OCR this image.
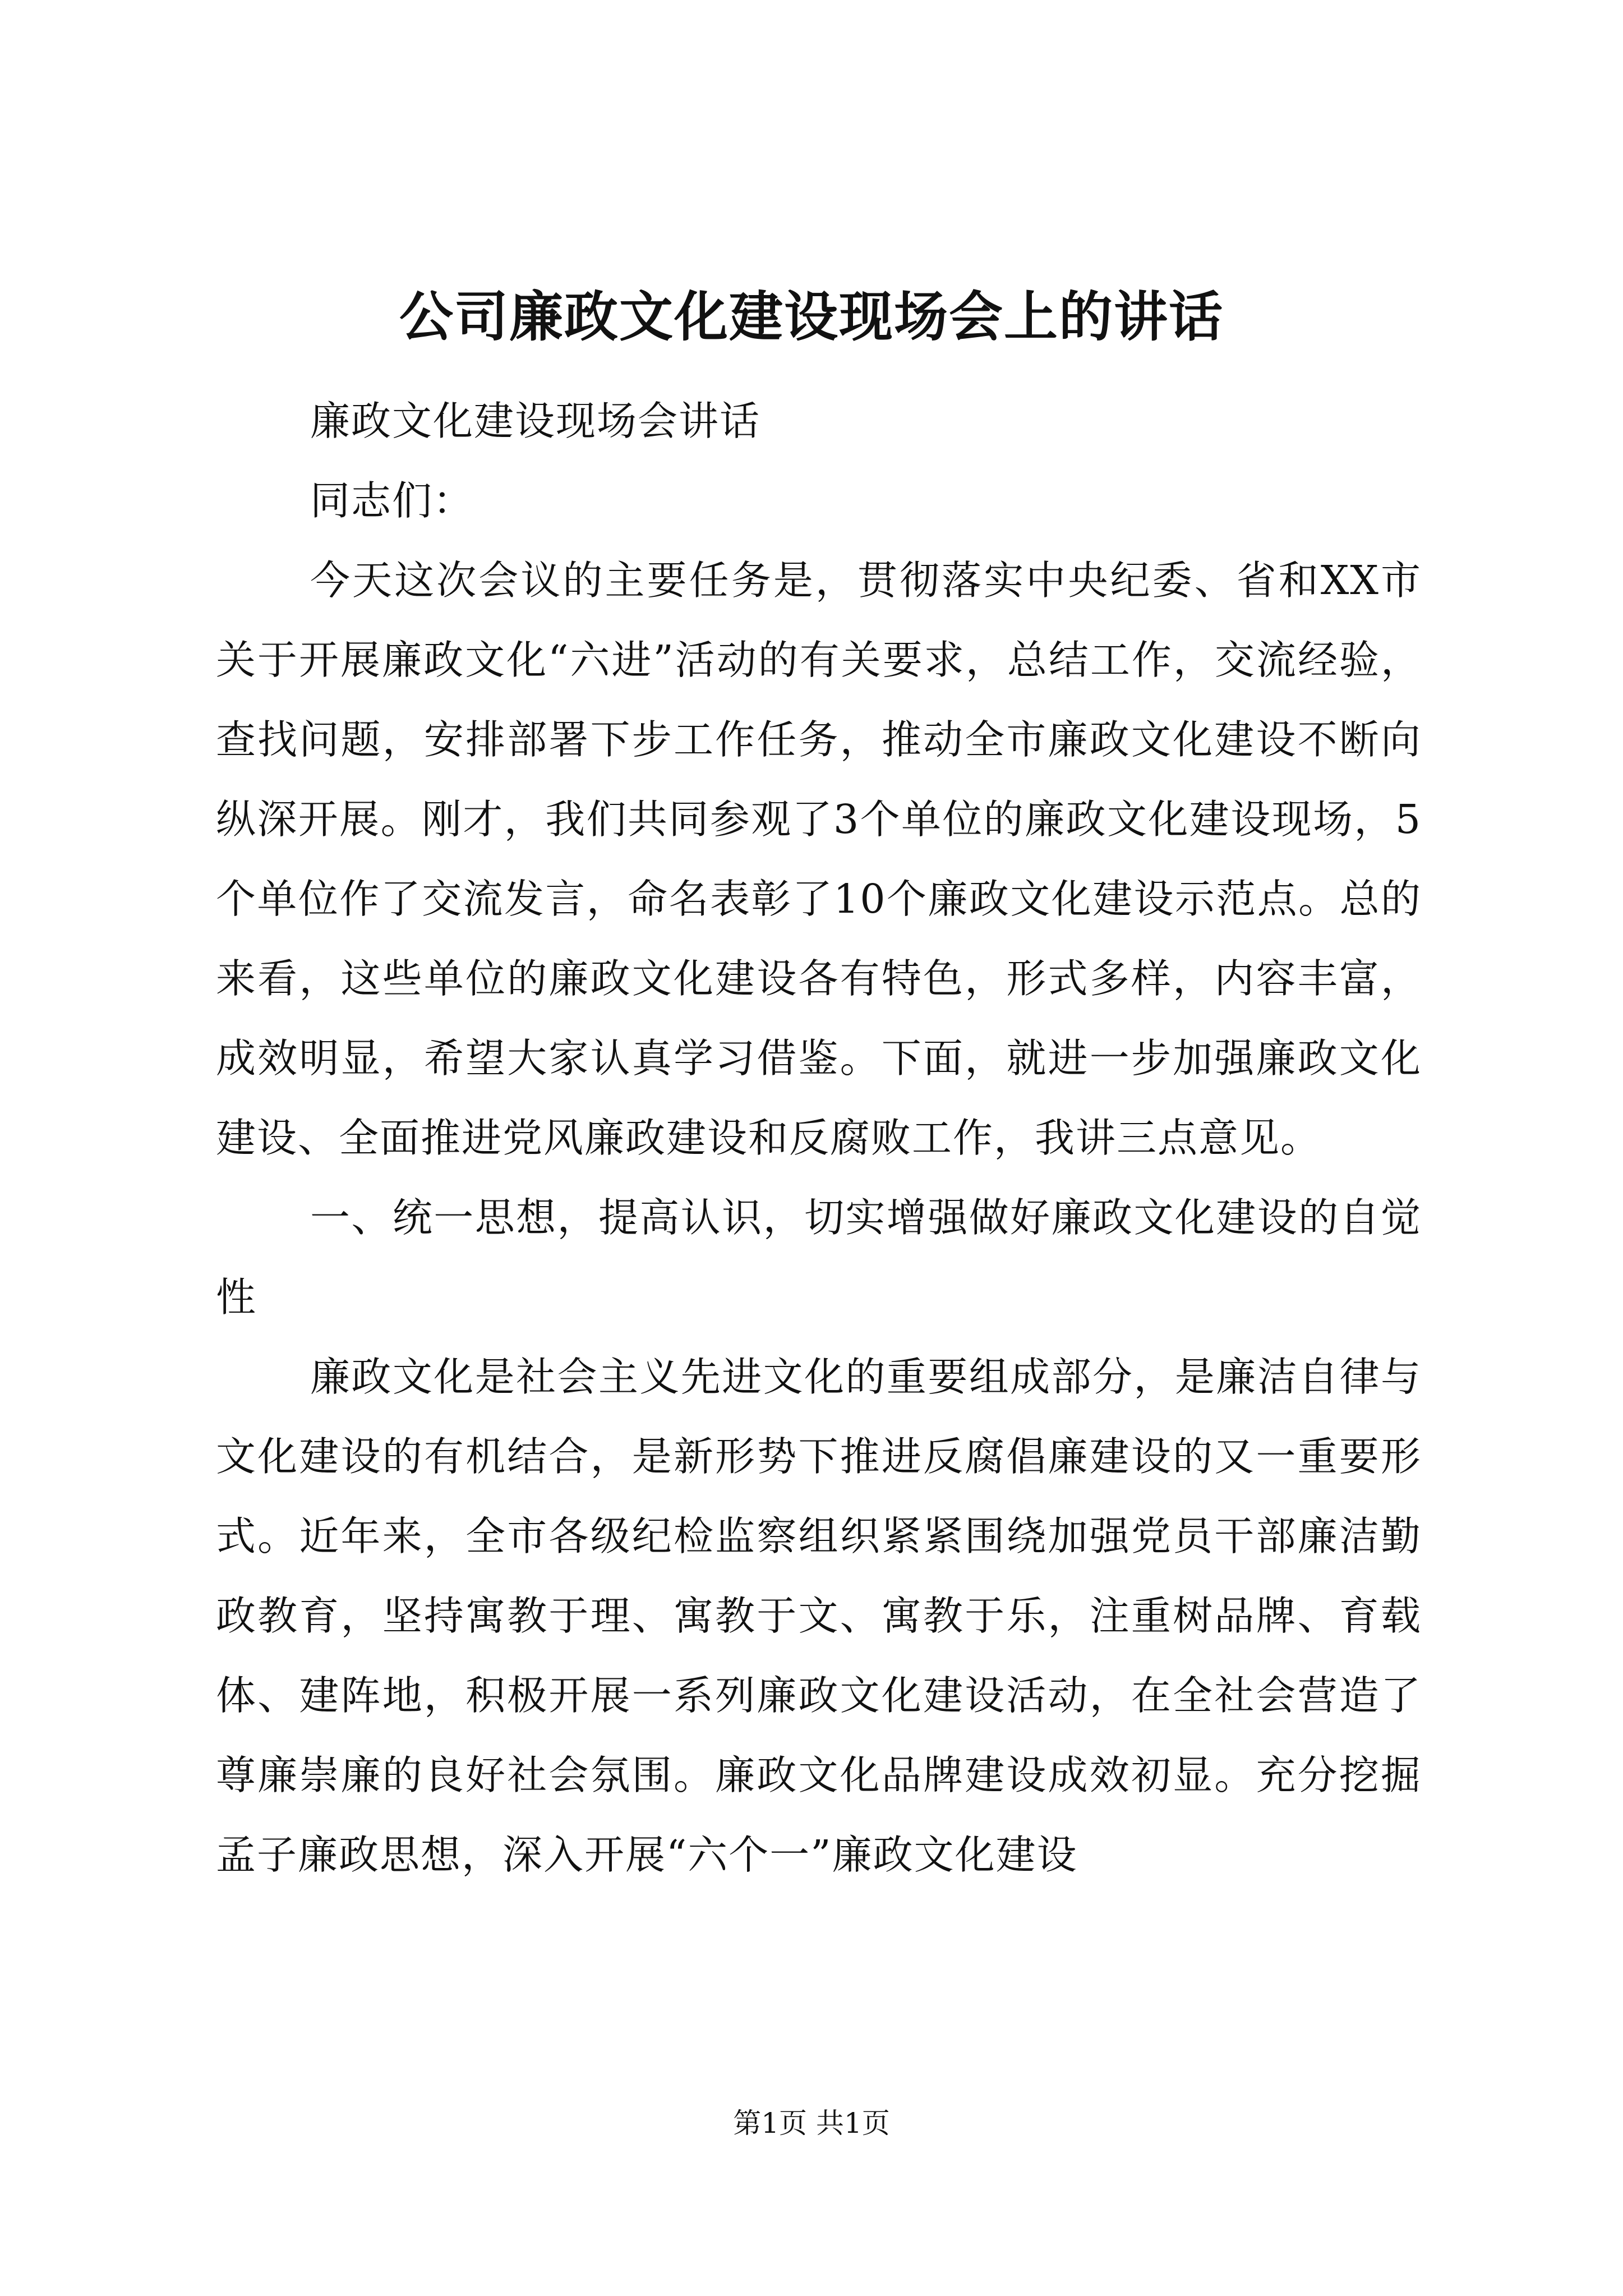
公司廉政文化建设现场会上的讲话

廉政文化建设现场会讲话

同志们：

今天这次会议的主要任务是，贯彻落实中央纪委、省和XX市关于开展廉政文化“六进”活动的有关要求，总结工作，交流经验，查找问题，安排部署下步工作任务，推动全市廉政文化建设不断向纵深开展。刚才，我们共同参观了3个单位的廉政文化建设现场，5个单位作了交流发言，命名表彰了10个廉政文化建设示范点。总的来看，这些单位的廉政文化建设各有特色，形式多样，内容丰富，成效明显，希望大家认真学习借鉴。下面，就进一步加强廉政文化建设、全面推进党风廉政建设和反腐败工作，我讲三点意见。

一、统一思想，提高认识，切实增强做好廉政文化建设的自觉性

廉政文化是社会主义先进文化的重要组成部分，是廉洁自律与文化建设的有机结合，是新形势下推进反腐倡廉建设的又一重要形式。近年来，全市各级纪检监察组织紧紧围绕加强党员干部廉洁勤政教育，坚持寓教于理、寓教于文、寓教于乐，注重树品牌、育载体、建阵地，积极开展一系列廉政文化建设活动，在全社会营造了尊廉崇廉的良好社会氛围。廉政文化品牌建设成效初显。充分挖掘孟子廉政思想，深入开展“六个一”廉政文化建设

第1页 共1页
